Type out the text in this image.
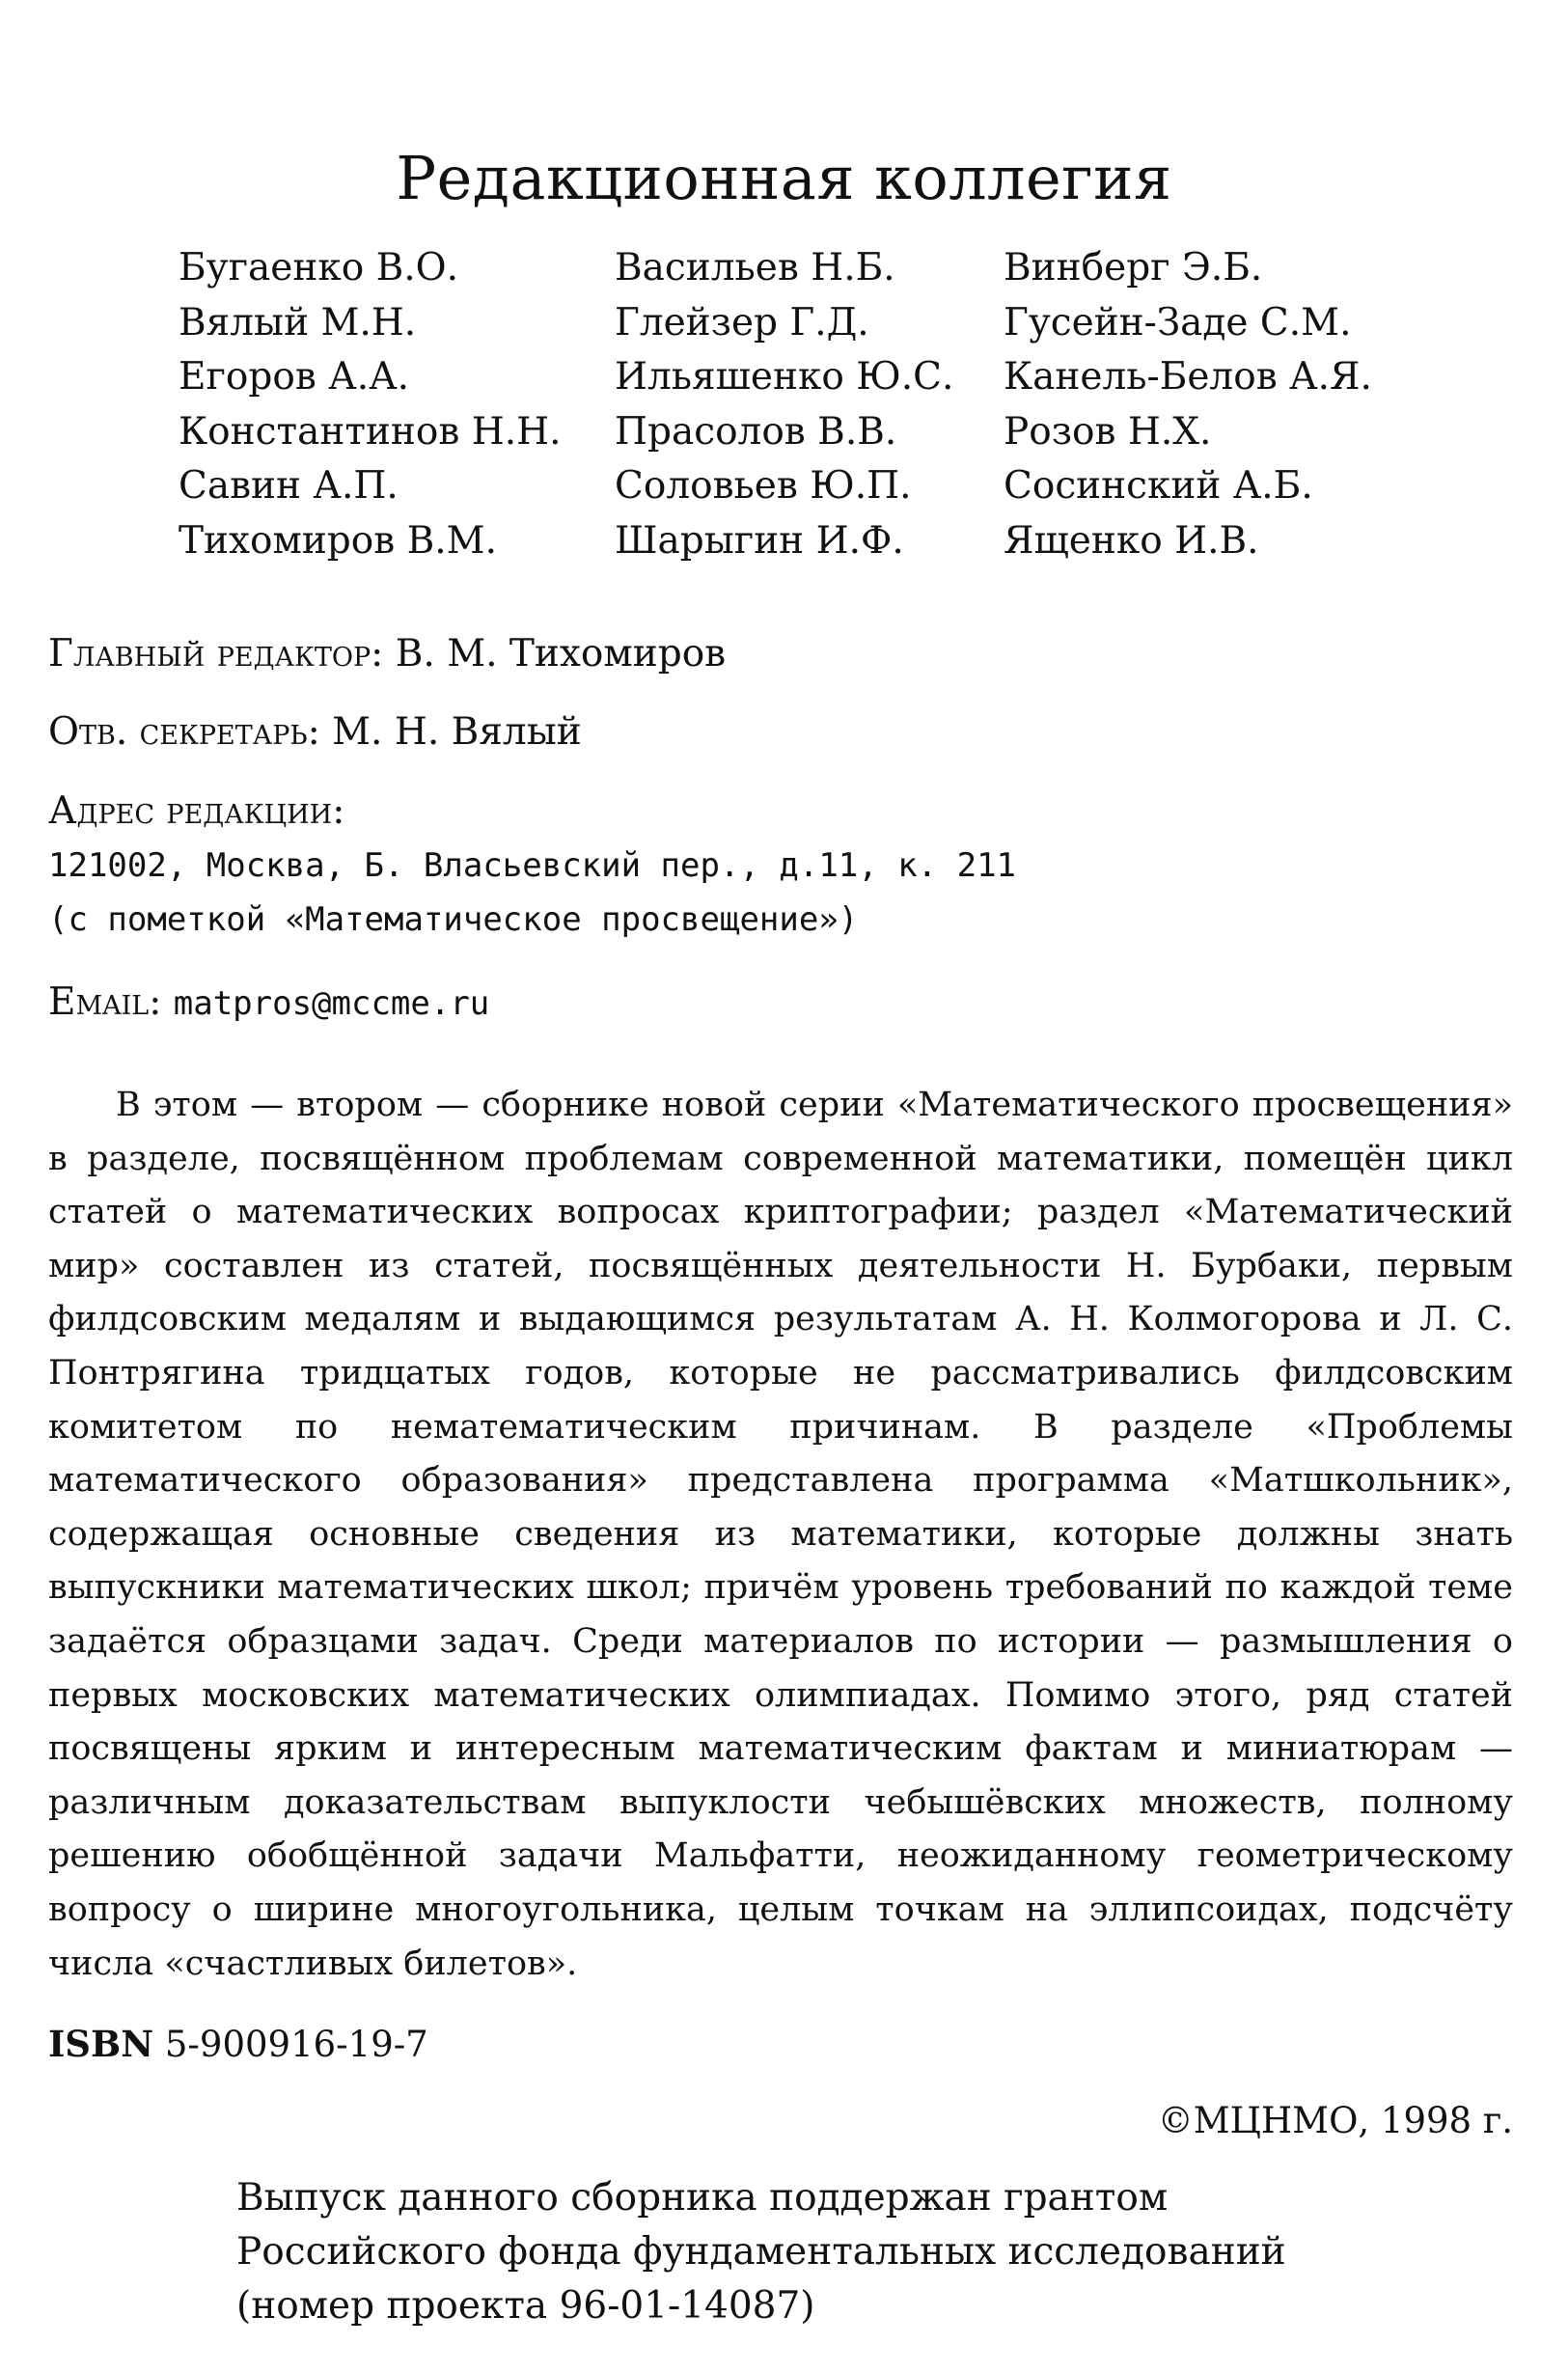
Редакционная коллегия
Бугаенко В.О.
Вялый М.Н.
Егоров А.А.
Константинов Н.Н.
Савин А.П.
Тихомиров В.М.
Васильев Н.Б.
Глейзер Г.Д.
Ильяшенко Ю.С.
Прасолов В.В.
Соловьев Ю.П.
Шарыгин И.Ф.
Винберг Э.Б.
Гусейн-Заде С.М.
Канель-Белов А.Я.
Розов Н.Х.
Сосинский А.Б.
Ященко И.В.
Главный редактор: В. М. Тихомиров
Отв. секретарь: М. Н. Вялый
Адрес редакции:
121002, Москва, Б. Власьевский пер., д.11, к. 211
(с пометкой «Математическое просвещение»)
Email: matpros@mccme.ru

В этом — втором — сборнике новой серии «Математического просвещения» в разделе, посвящённом проблемам современной математики, помещён цикл статей о математических вопросах криптографии; раздел «Математический мир» составлен из статей, посвящённых деятельности Н. Бурбаки, первым филдсовским медалям и выдающимся результатам А. Н. Колмогорова и Л. С. Понтрягина тридцатых годов, которые не рассматривались филдсовским комитетом по нематематическим причинам. В разделе «Проблемы математического образования» представлена программа «Матшкольник», содержащая основные сведения из математики, которые должны знать выпускники математических школ; причём уровень требований по каждой теме задаётся образцами задач. Среди материалов по истории — размышления о первых московских математических олимпиадах. Помимо этого, ряд статей посвящены ярким и интересным математическим фактам и миниатюрам — различным доказательствам выпуклости чебышёвских множеств, полному решению обобщённой задачи Мальфатти, неожиданному геометрическому вопросу о ширине многоугольника, целым точкам на эллипсоидах, подсчёту числа «счастливых билетов».

ISBN 5-900916-19-7
©МЦНМО, 1998 г.
Выпуск данного сборника поддержан грантом
Российского фонда фундаментальных исследований
(номер проекта 96-01-14087)
